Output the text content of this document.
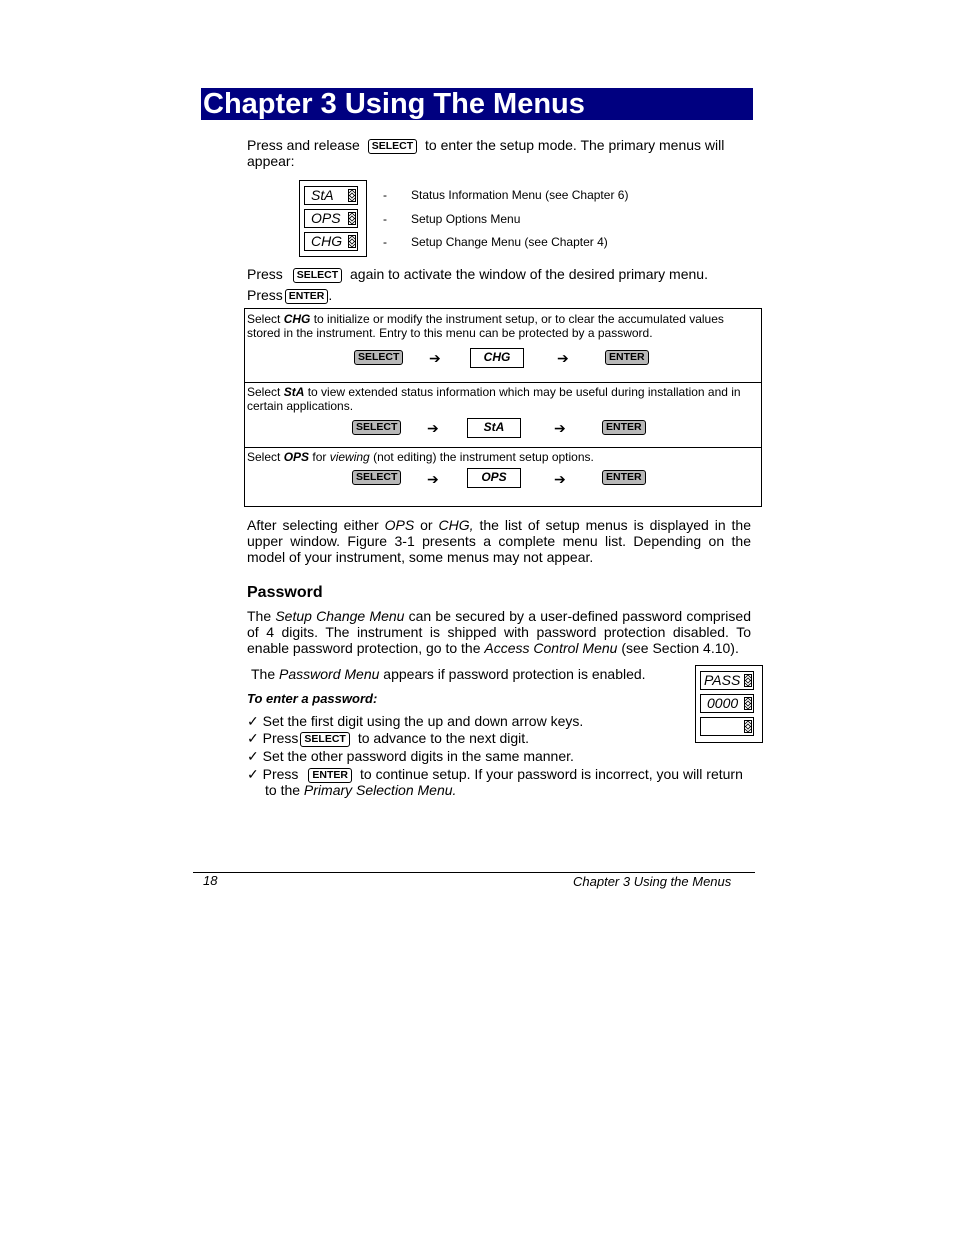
Chapter 3 Using The Menus
Press and release SELECT to enter the setup mode. The primary menus will
appear:
StA
OPS
CHG
- Status Information Menu (see Chapter 6)
- Setup Options Menu
- Setup Change Menu (see Chapter 4)
Press SELECT again to activate the window of the desired primary menu.
Press ENTER .
Select CHG to initialize or modify the instrument setup, or to clear the accumulated values stored in the instrument. Entry to this menu can be protected by a password.
SELECT ➔	CHG	➔	ENTER
Select StA to view extended status information which may be useful during installation and in certain applications.
SELECT ➔	StA	➔	ENTER
Select OPS for viewing (not editing) the instrument setup options.
SELECT ➔	OPS	➔	ENTER
After selecting either OPS or CHG, the list of setup menus is displayed in the upper window. Figure 3-1 presents a complete menu list. Depending on the model of your instrument, some menus may not appear.
Password
The Setup Change Menu can be secured by a user-defined password comprised of 4 digits. The instrument is shipped with password protection disabled. To enable password protection, go to the Access Control Menu (see Section 4.10).
The Password Menu appears if password protection is enabled.
To enter a password:
✓ Set the first digit using the up and down arrow keys.
✓ Press SELECT to advance to the next digit.
✓ Set the other password digits in the same manner.
✓ Press ENTER to continue setup. If your password is incorrect, you will return
to the Primary Selection Menu.
PASS
0000
18	Chapter 3 Using the Menus
